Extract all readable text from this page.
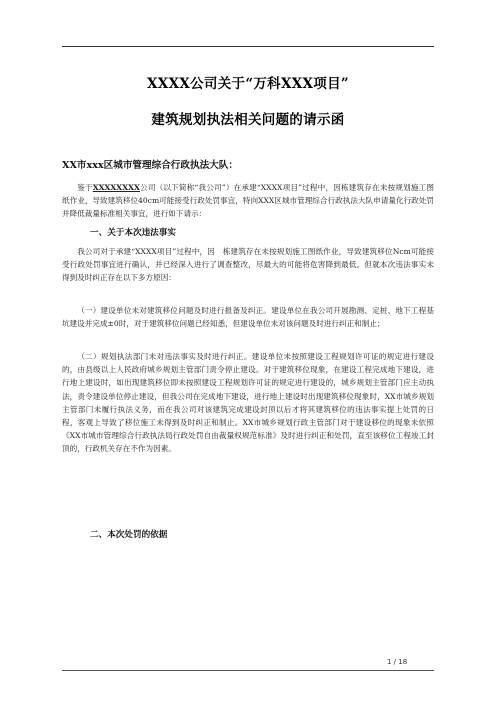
XXXX公司关于“万科XXX项目”
建筑规划执法相关问题的请示函
XX市xxx区城市管理综合行政执法大队：
鉴于XXXXXXXX公司（以下简称“我公司”）在承建“XXXX项目”过程中，因栋建筑存在未按规划施工图纸作业，导致建筑移位40cm可能接受行政处罚事宜，特向XXX区城市管理综合行政执法大队申请量化行政处罚并降低裁量标准相关事宜，进行如下请示：
一、关于本次违法事实
我公司对于承建“XXXX项目”过程中，因　栋建筑存在未按规划施工图纸作业，导致建筑移位Ncm可能接受行政处罚事宜进行确认，并已经深入进行了调查整改，尽最大的可能将危害降到最低。但就本次违法事实未得到及时纠正存在以下多方原因：
（一）建设单位未对建筑移位问题及时进行报备及纠正。建设单位在我公司开展勘测、定桩、地下工程基坑建设并完成±0时，对于建筑移位问题已经知悉，但建设单位未对该问题及时进行纠正和制止；
（二）规划执法部门未对违法事实及时进行纠正。建设单位未按照建设工程规划许可证的规定进行建设的，由县级以上人民政府城乡规划主管部门责令停止建设。对于建筑移位现象，在建设工程完成地下建设，进行地上建设时，如出现建筑移位即未按照建设工程规划许可证的规定进行建设的，城乡规划主管部门应主动执法，责令建设单位停止建设，但我公司在完成地下建设，进行地上建设时出现建筑移位现象时，XX市城乡规划主管部门未履行执法义务，而在我公司对该建筑完成建设封顶以后才将其建筑移位的违法事实提上处罚的日程，客观上导致了移位施工未得到及时纠正和制止。XX市城乡规划行政主管部门对于建设移位的现象未依照《XX市城市管理综合行政执法局行政处罚自由裁量权规范标准》及时进行纠正和处罚，直至该移位工程竣工封顶的，行政机关存在不作为因素。
二、本次处罚的依据
1 / 18
